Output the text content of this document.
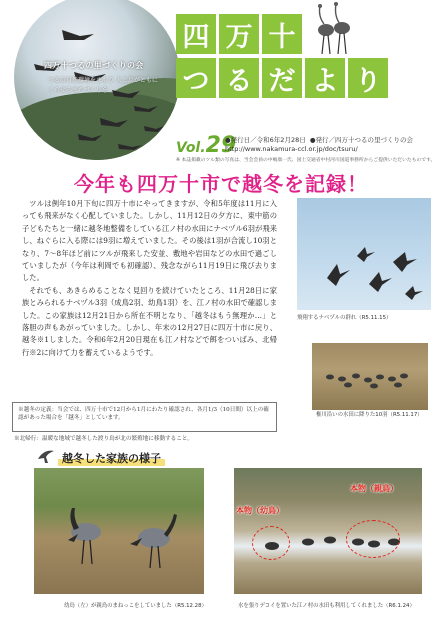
四万十つるの里づくりの会
つるの自然環境をまもり 人と鳥がともにくらせるまちづくりを
四 万 十
つ る だ よ り
Vol.29
●発行日／令和6年2月28日 ●発行／四万十つるの里づくりの会
http://www.nakamura-ccl.or.jp/doc/tsuru/
※ 本誌掲載のツル類の写真は、当会会員の中嶋康一氏、国土交通省中村河川国道事務所からご提供いただいたものです。
今年も四万十市で越冬を記録！

ツルは例年10月下旬に四万十市にやってきますが、令和5年度は11月に入っても飛来がなく心配していました。しかし、11月12日の夕方に、東中筋の子どもたちと一緒に越冬地整備をしている江ノ村の水田にナベヅル6羽が飛来し、ねぐらに入る際には9羽に増えていました。その後は1羽が合流し10羽となり、7～8年ほど前にツルが飛来した安並、敷地や岩田などの水田で過ごしていましたが（今年は利岡でも初確認）、残念ながら11月19日に飛び去りました。

それでも、あきらめることなく見回りを続けていたところ、11月28日に家族とみられるナベヅル3羽（成鳥2羽、幼鳥1羽）を、江ノ村の水田で確認しました。この家族は12月21日から所在不明となり、「越冬はもう無理か…」と落胆の声もあがっていました。しかし、年末の12月27日に四万十市に戻り、越冬※1しました。令和6年2月20日現在も江ノ村などで餌をついばみ、北帰行※2に向けて力を蓄えているようです。

※越冬の定義：当会では、四万十市で12月から1月にわたり確認され、各月1/3（10日間）以上の確認があった場合を「越冬」としています。
※北帰行：温暖な地域で越冬した渡り鳥が北の繁殖地に移動すること。
飛翔するナベヅルの群れ（R5.11.15）
権川沿いの水田に降りた10羽（R5.11.17）
越冬した家族の様子
幼鳥（左）が親鳥のまねっこをしていました（R5.12.28）
本物（幼鳥）
本物（親鳥）
水を張りデコイを置いた江ノ村の水田も利用してくれました（R6.1.24）
